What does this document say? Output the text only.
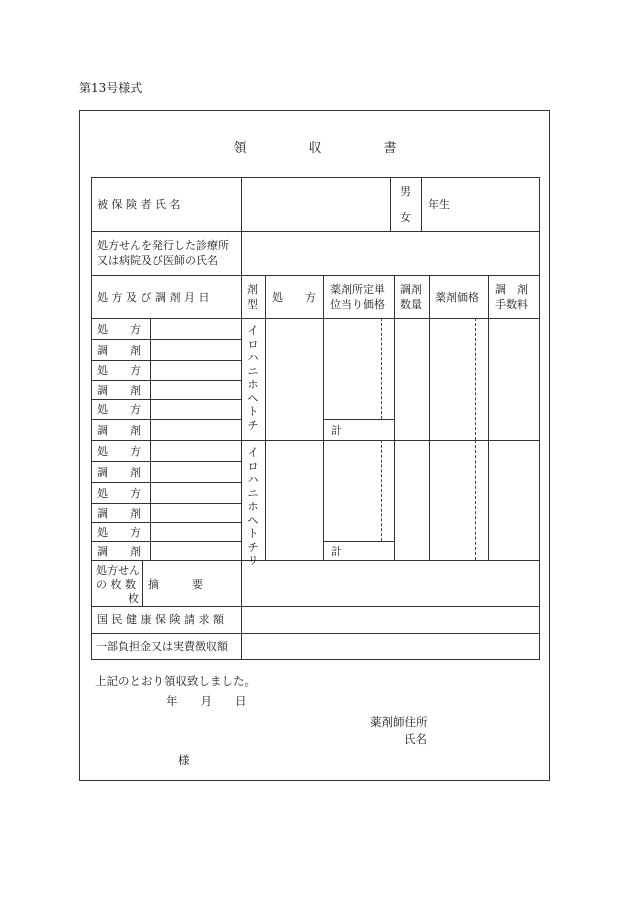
第13号様式
領	収	書
被 保 険 者 氏 名
男
女
年生
処方せんを発行した診療所
又は病院及び医師の氏名
処 方 及 び 調 剤 月 日
剤
型
処　　方
薬剤所定単
位当り価格
調剤
数量
薬剤価格
調　剤
手数料
処　　方
調　　剤
処　　方
調　　剤
処　　方
調　　剤
処　　方
調　　剤
処　　方
調　　剤
処　　方
調　　剤
イ
ロ
ハ
ニ
ホ
ヘ
ト
チ
イ
ロ
ハ
ニ
ホ
ヘ
ト
チ
リ
計
計
処方せん
の 枚 数
枚
摘　　　要
国 民 健 康 保 険 請 求 額
一部負担金又は実費徴収額
上記のとおり領収致しました。
年　　月　　日
薬剤師住所
氏名
様
